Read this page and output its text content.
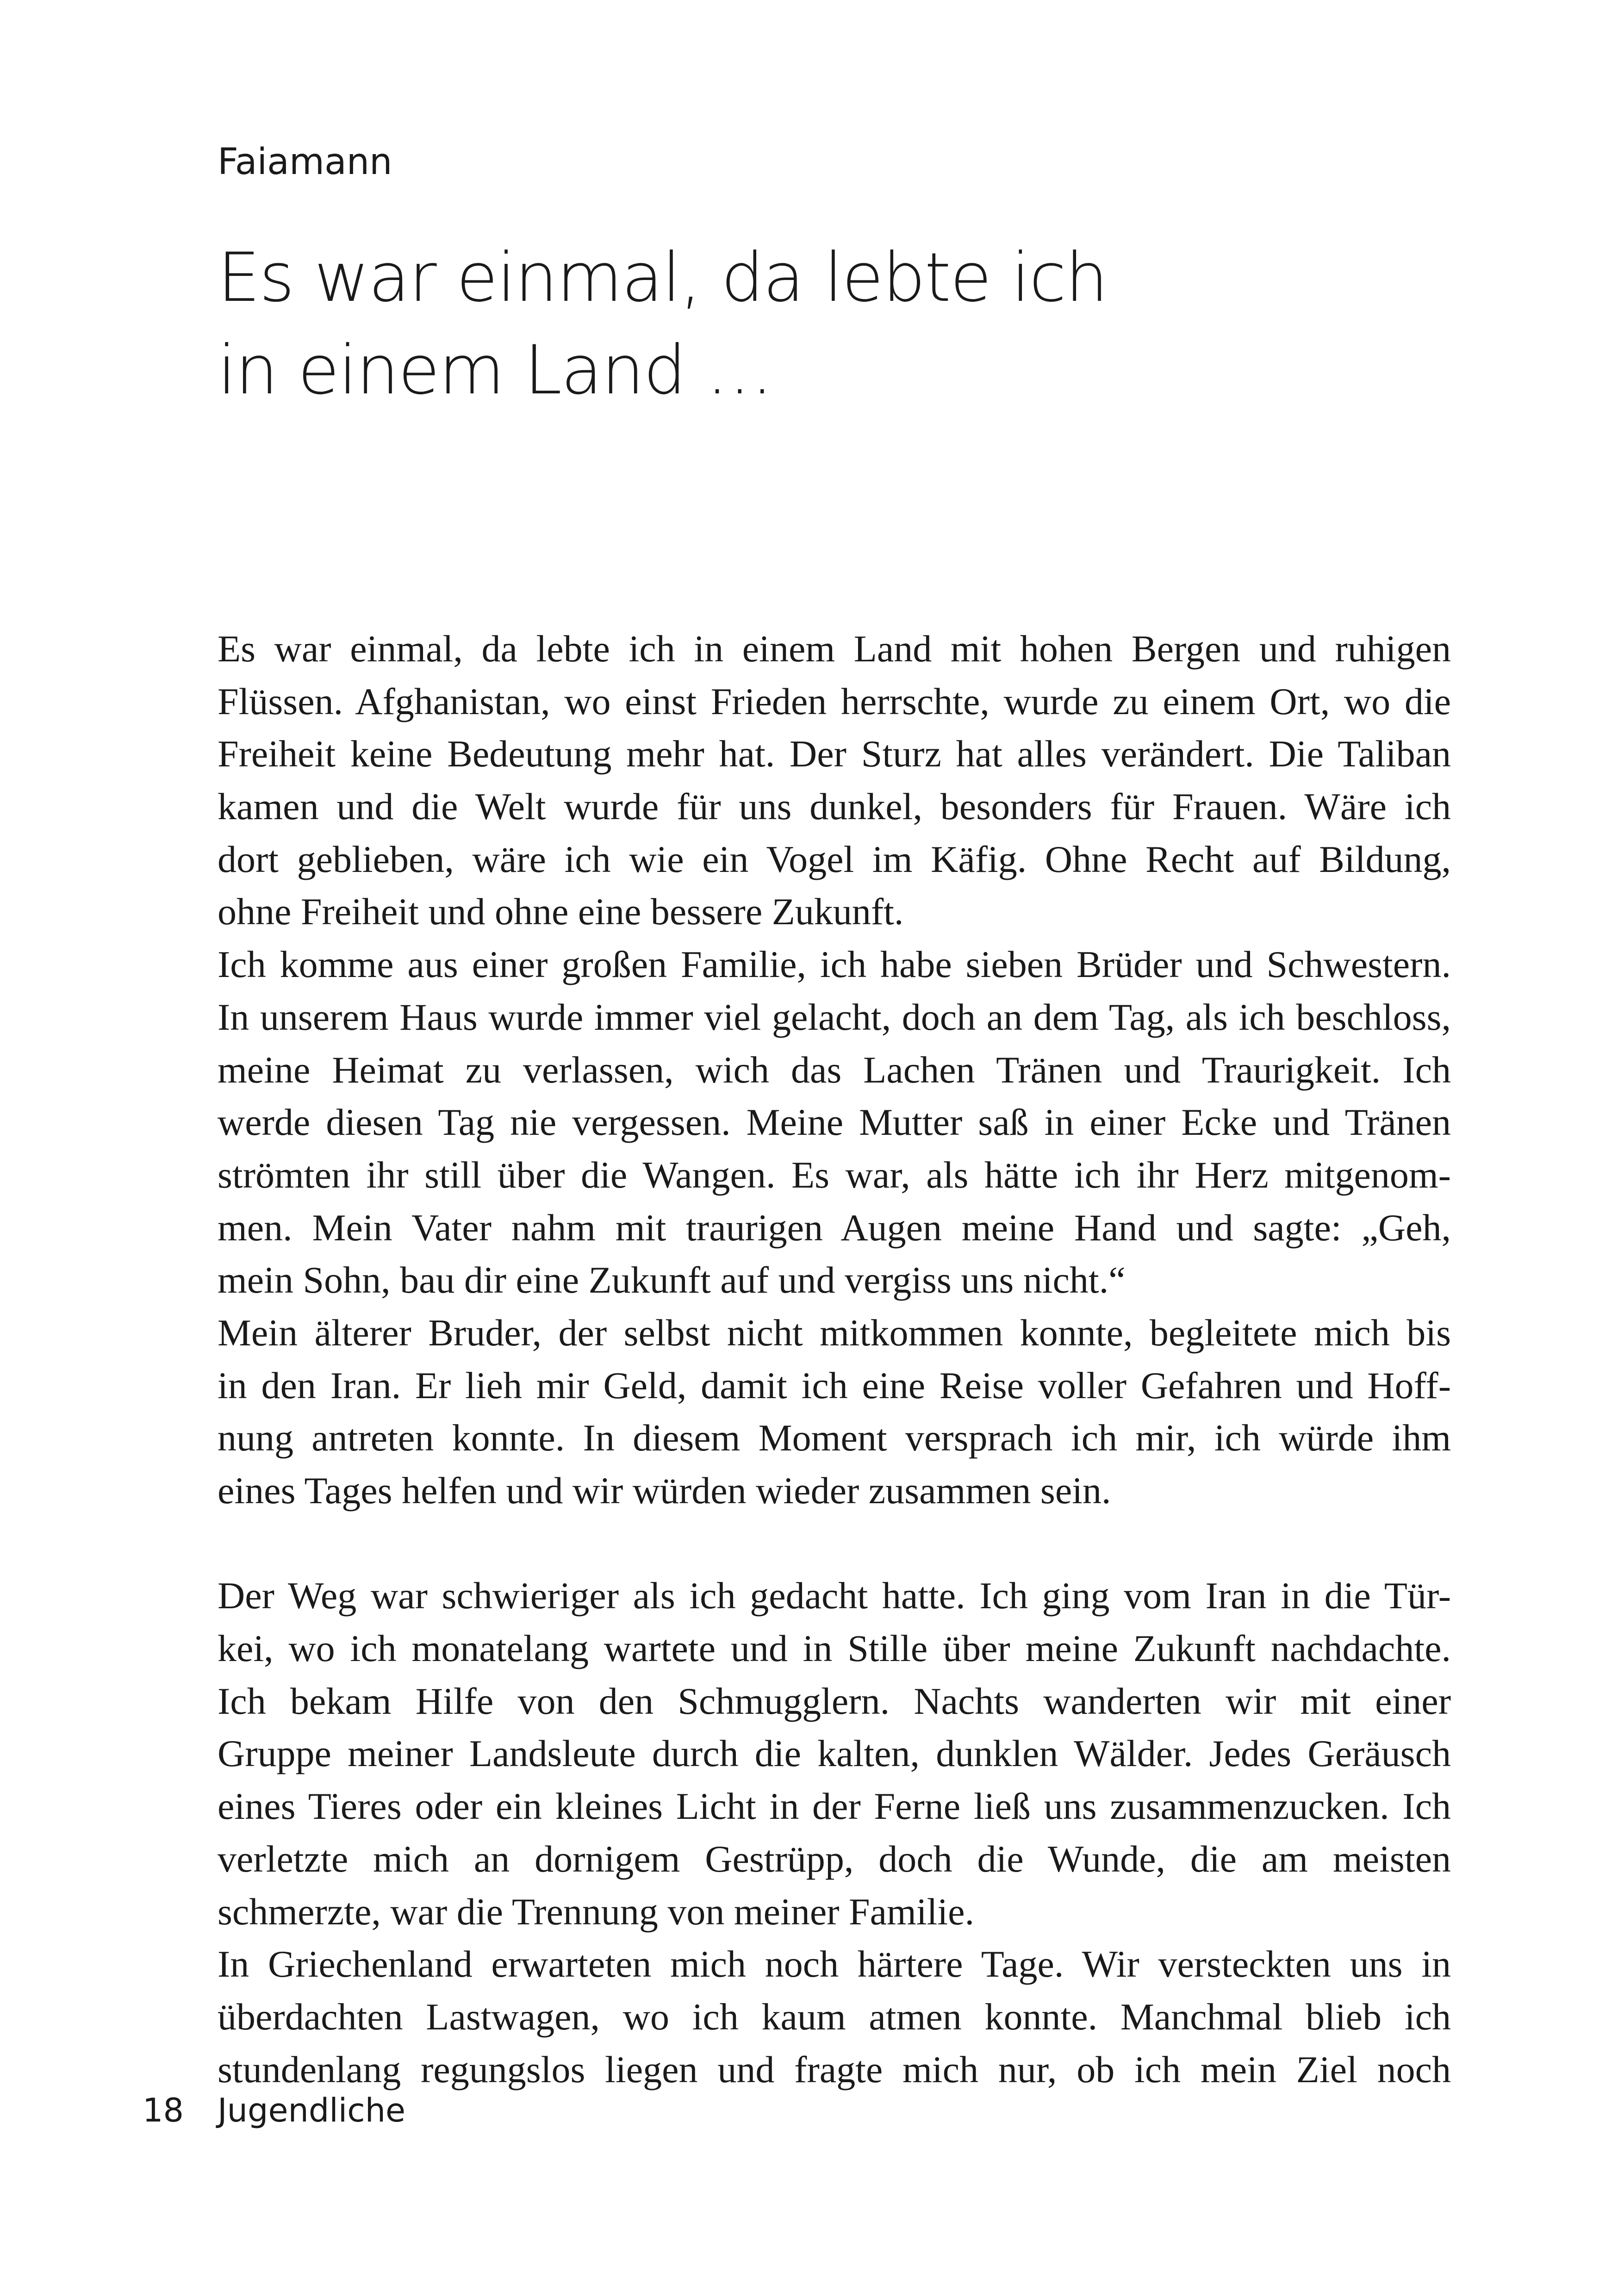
Faiamann
Es war einmal, da lebte ich
in einem Land …
Es war einmal, da lebte ich in einem Land mit hohen Bergen und ruhigen
Flüssen. Afghanistan, wo einst Frieden herrschte, wurde zu einem Ort, wo die
Freiheit keine Bedeutung mehr hat. Der Sturz hat alles verändert. Die Taliban
kamen und die Welt wurde für uns dunkel, besonders für Frauen. Wäre ich
dort geblieben, wäre ich wie ein Vogel im Käfig. Ohne Recht auf Bildung,
ohne Freiheit und ohne eine bessere Zukunft.
Ich komme aus einer großen Familie, ich habe sieben Brüder und Schwestern.
In unserem Haus wurde immer viel gelacht, doch an dem Tag, als ich beschloss,
meine Heimat zu verlassen, wich das Lachen Tränen und Traurigkeit. Ich
werde diesen Tag nie vergessen. Meine Mutter saß in einer Ecke und Tränen
strömten ihr still über die Wangen. Es war, als hätte ich ihr Herz mitgenom-
men. Mein Vater nahm mit traurigen Augen meine Hand und sagte: „Geh,
mein Sohn, bau dir eine Zukunft auf und vergiss uns nicht.“
Mein älterer Bruder, der selbst nicht mitkommen konnte, begleitete mich bis
in den Iran. Er lieh mir Geld, damit ich eine Reise voller Gefahren und Hoff-
nung antreten konnte. In diesem Moment versprach ich mir, ich würde ihm
eines Tages helfen und wir würden wieder zusammen sein.
Der Weg war schwieriger als ich gedacht hatte. Ich ging vom Iran in die Tür-
kei, wo ich monatelang wartete und in Stille über meine Zukunft nachdachte.
Ich bekam Hilfe von den Schmugglern. Nachts wanderten wir mit einer
Gruppe meiner Landsleute durch die kalten, dunklen Wälder. Jedes Geräusch
eines Tieres oder ein kleines Licht in der Ferne ließ uns zusammenzucken. Ich
verletzte mich an dornigem Gestrüpp, doch die Wunde, die am meisten
schmerzte, war die Trennung von meiner Familie.
In Griechenland erwarteten mich noch härtere Tage. Wir versteckten uns in
überdachten Lastwagen, wo ich kaum atmen konnte. Manchmal blieb ich
stundenlang regungslos liegen und fragte mich nur, ob ich mein Ziel noch
18 Jugendliche
